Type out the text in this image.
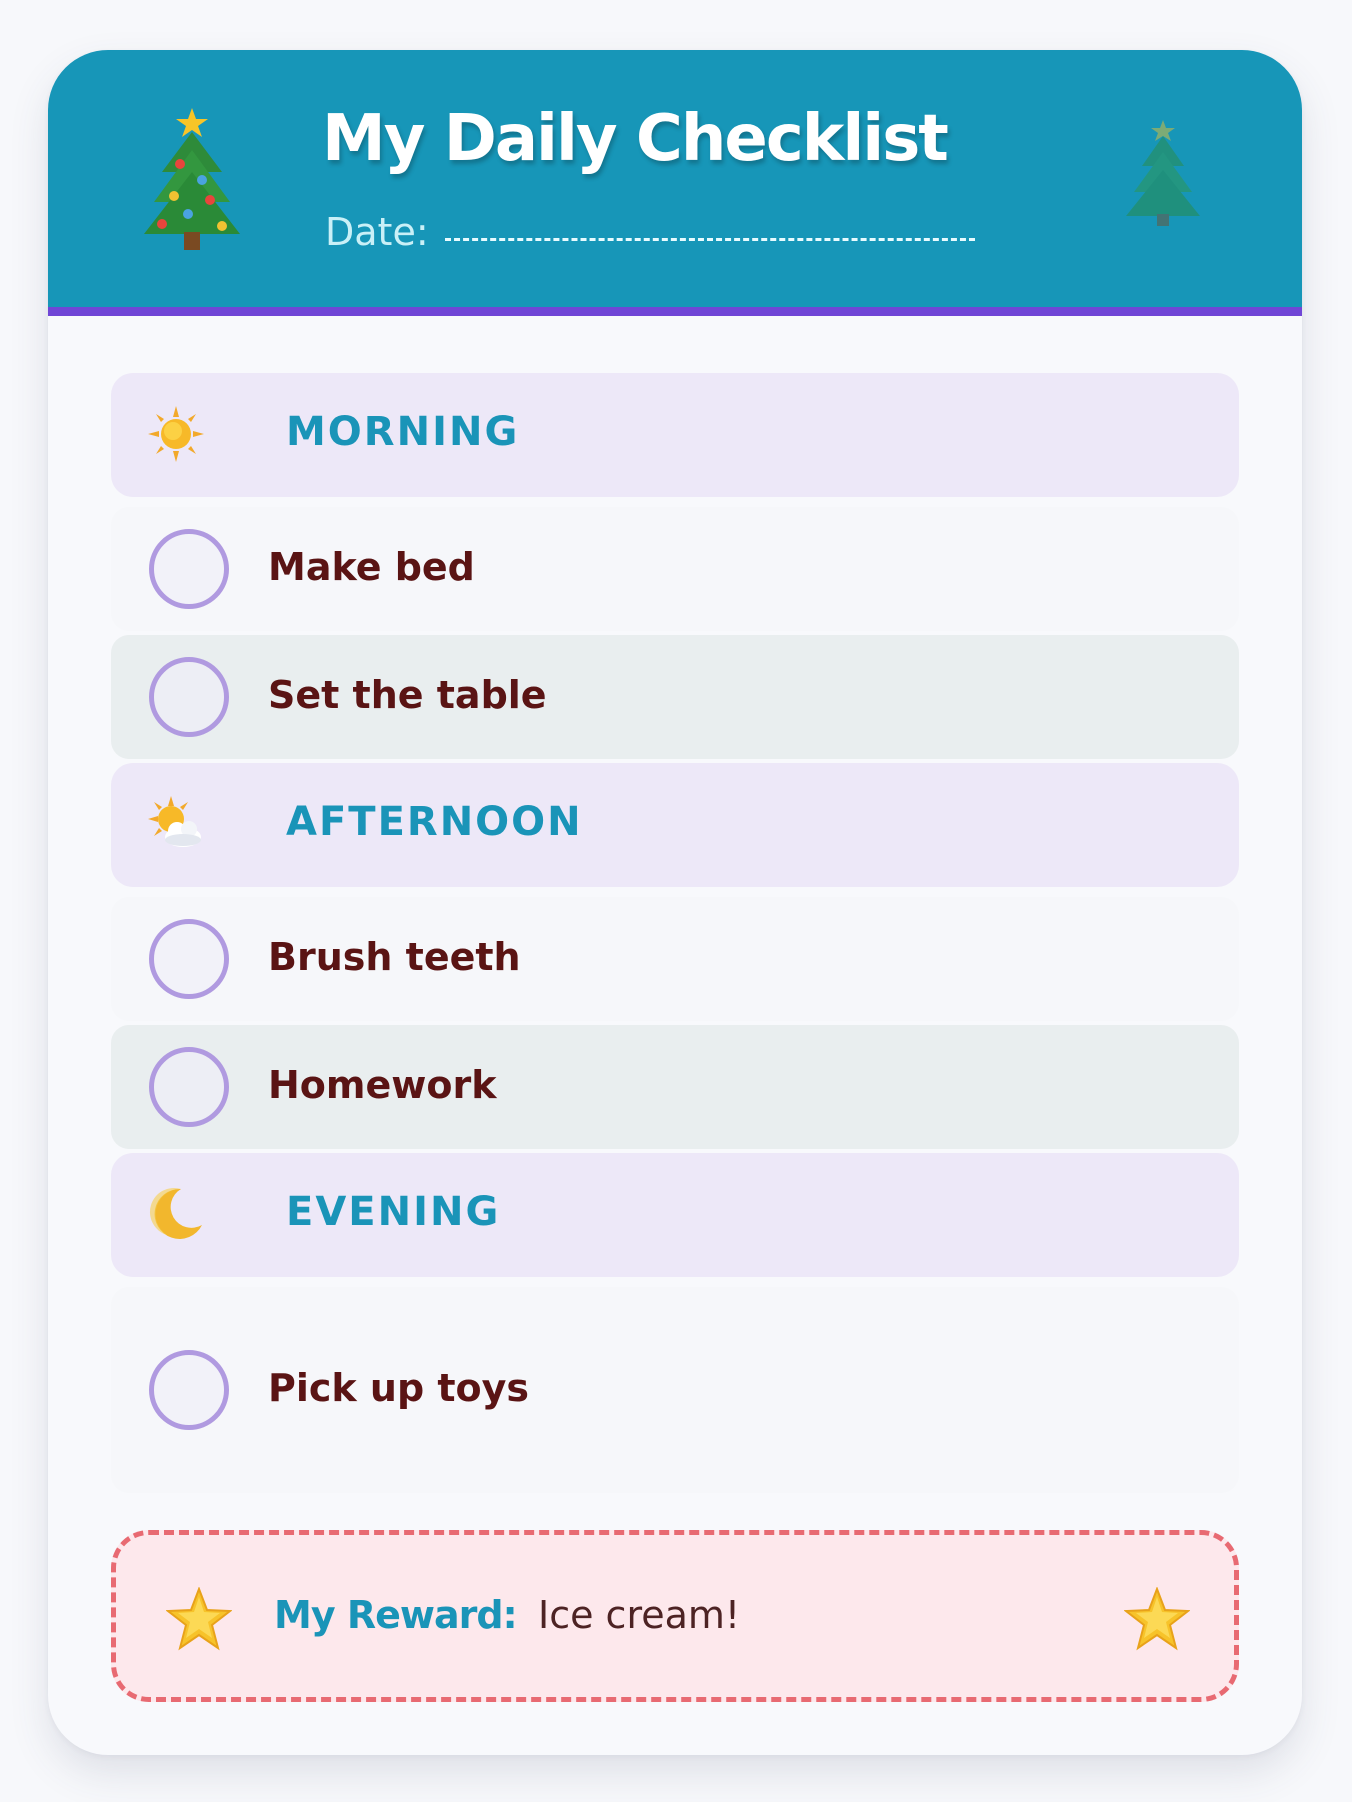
My Daily Checklist
Date:
MORNING
Make bed
Set the table
AFTERNOON
Brush teeth
Homework
EVENING
Pick up toys
My Reward: Ice cream!
